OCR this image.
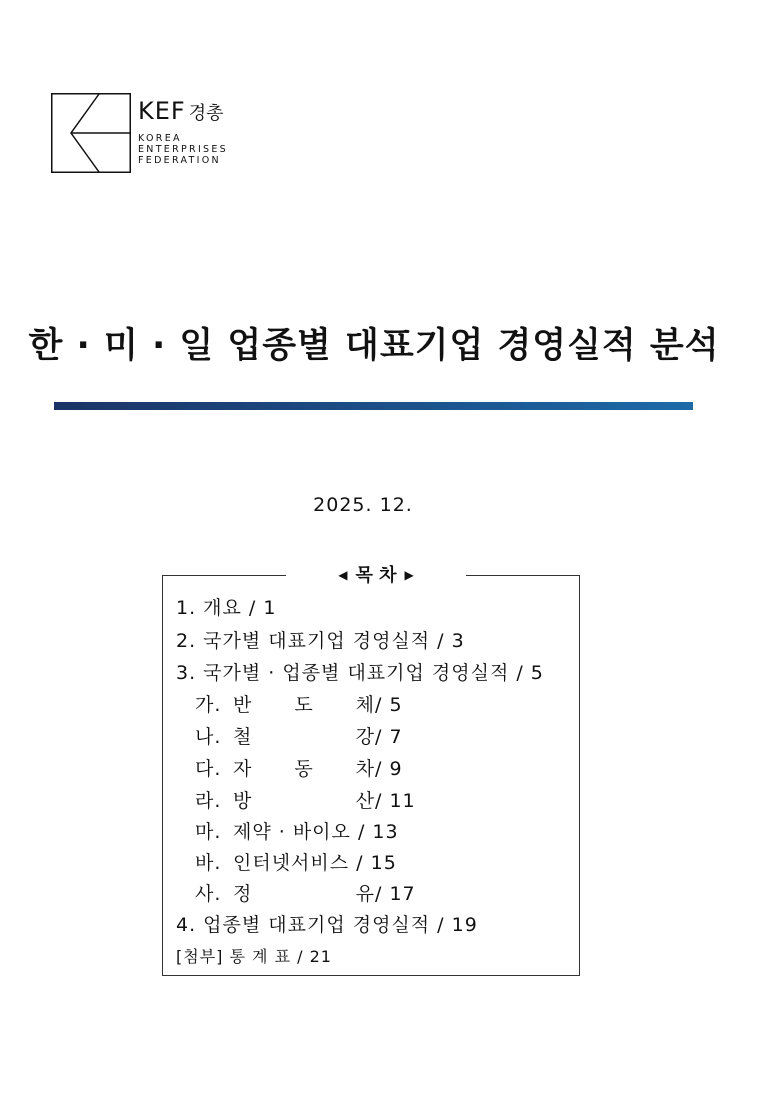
KEF 경총
KOREA
ENTERPRISES
FEDERATION
한 · 미 · 일 업종별 대표기업 경영실적 분석
2025. 12.
◀ 목 차 ▶
1. 개요 / 1
2. 국가별 대표기업 경영실적 / 3
3. 국가별 · 업종별 대표기업 경영실적 / 5
가. 반 도 체 / 5
나. 철	강 / 7
다. 자 동 차 / 9
라. 방	산 / 11
마. 제약 · 바이오 / 13
바. 인터넷서비스 / 15
사. 정	유 / 17
4. 업종별 대표기업 경영실적 / 19
[첨부] 통 계 표 / 21
